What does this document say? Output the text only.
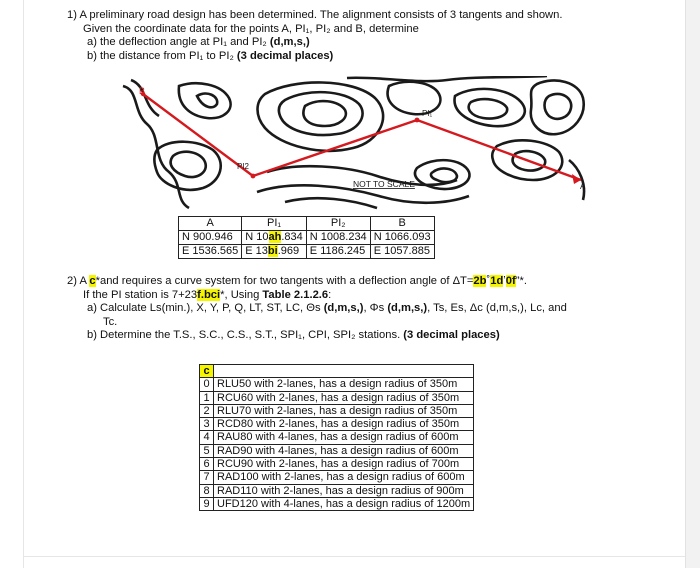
1) A preliminary road design has been determined. The alignment consists of 3 tangents and shown.
Given the coordinate data for the points A, PI₁, PI₂ and B, determine
a) the deflection angle at PI₁ and PI₂ (d,m,s,)
b) the distance from PI₁ to PI₂ (3 decimal places)
B
PI₁
PI2
A
NOT TO SCALE
A	PI₁	PI₂	B
N 900.946	N 10ah.834	N 1008.234	N 1066.093
E 1536.565	E 13bi.969	E 1186.245	E 1057.885
2) A c*and requires a curve system for two tangents with a deflection angle of ΔT=2b˚1dʼ0f”*.
If the PI station is 7+23f.bci*, Using Table 2.1.2.6:
a) Calculate Ls(min.), X, Y, P, Q, LT, ST, LC, Θs (d,m,s,), Φs (d,m,s,), Ts, Es, Δc (d,m,s,), Lc, and
Tc.
b) Determine the T.S., S.C., C.S., S.T., SPI₁, CPI, SPI₂ stations. (3 decimal places)
c	
0	RLU50 with 2-lanes, has a design radius of 350m
1	RCU60 with 2-lanes, has a design radius of 350m
2	RLU70 with 2-lanes, has a design radius of 350m
3	RCD80 with 2-lanes, has a design radius of 350m
4	RAU80 with 4-lanes, has a design radius of 600m
5	RAD90 with 4-lanes, has a design radius of 600m
6	RCU90 with 2-lanes, has a design radius of 700m
7	RAD100 with 2-lanes, has a design radius of 600m
8	RAD110 with 2-lanes, has a design radius of 900m
9	UFD120 with 4-lanes, has a design radius of 1200m
